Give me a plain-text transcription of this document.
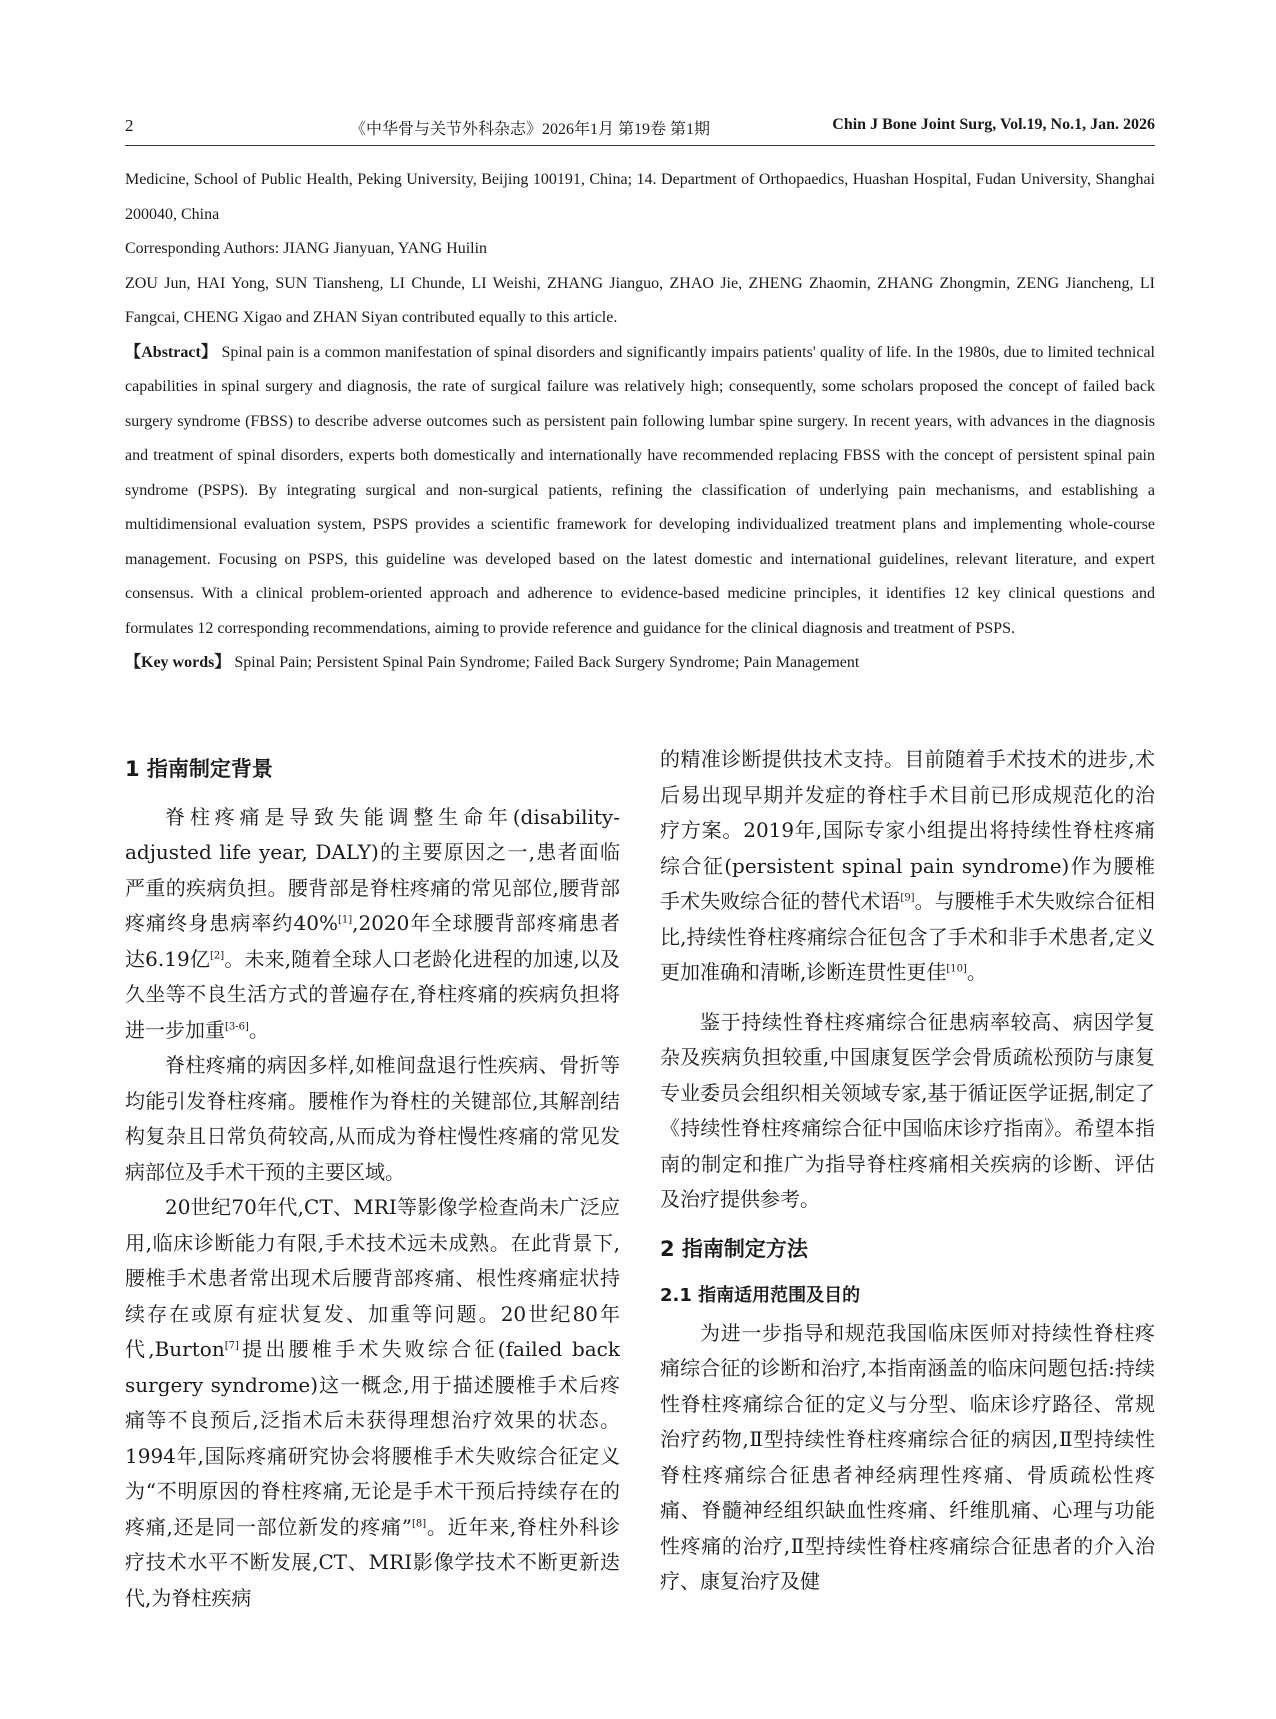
2	《中华骨与关节外科杂志》2026年1月 第19卷 第1期	Chin J Bone Joint Surg, Vol.19, No.1, Jan. 2026

Medicine, School of Public Health, Peking University, Beijing 100191, China; 14. Department of Orthopaedics, Huashan Hospital, Fudan University, Shanghai 200040, China

Corresponding Authors: JIANG Jianyuan, YANG Huilin

ZOU Jun, HAI Yong, SUN Tiansheng, LI Chunde, LI Weishi, ZHANG Jianguo, ZHAO Jie, ZHENG Zhaomin, ZHANG Zhongmin, ZENG Jiancheng, LI Fangcai, CHENG Xigao and ZHAN Siyan contributed equally to this article.

【Abstract】 Spinal pain is a common manifestation of spinal disorders and significantly impairs patients' quality of life. In the 1980s, due to limited technical capabilities in spinal surgery and diagnosis, the rate of surgical failure was relatively high; consequently, some scholars proposed the concept of failed back surgery syndrome (FBSS) to describe adverse outcomes such as persistent pain following lumbar spine surgery. In recent years, with advances in the diagnosis and treatment of spinal disorders, experts both domestically and internationally have recommended replacing FBSS with the concept of persistent spinal pain syndrome (PSPS). By integrating surgical and non-surgical patients, refining the classification of underlying pain mechanisms, and establishing a multidimensional evaluation system, PSPS provides a scientific framework for developing individualized treatment plans and implementing whole-course management. Focusing on PSPS, this guideline was developed based on the latest domestic and international guidelines, relevant literature, and expert consensus. With a clinical problem-oriented approach and adherence to evidence-based medicine principles, it identifies 12 key clinical questions and formulates 12 corresponding recommendations, aiming to provide reference and guidance for the clinical diagnosis and treatment of PSPS.

【Key words】 Spinal Pain; Persistent Spinal Pain Syndrome; Failed Back Surgery Syndrome; Pain Management

1 指南制定背景

脊柱疼痛是导致失能调整生命年(disability-adjusted life year, DALY)的主要原因之一,患者面临严重的疾病负担。腰背部是脊柱疼痛的常见部位,腰背部疼痛终身患病率约40%[1],2020年全球腰背部疼痛患者达6.19亿[2]。未来,随着全球人口老龄化进程的加速,以及久坐等不良生活方式的普遍存在,脊柱疼痛的疾病负担将进一步加重[3-6]。

脊柱疼痛的病因多样,如椎间盘退行性疾病、骨折等均能引发脊柱疼痛。腰椎作为脊柱的关键部位,其解剖结构复杂且日常负荷较高,从而成为脊柱慢性疼痛的常见发病部位及手术干预的主要区域。

20世纪70年代,CT、MRI等影像学检查尚未广泛应用,临床诊断能力有限,手术技术远未成熟。在此背景下,腰椎手术患者常出现术后腰背部疼痛、根性疼痛症状持续存在或原有症状复发、加重等问题。20世纪80年代,Burton[7]提出腰椎手术失败综合征(failed back surgery syndrome)这一概念,用于描述腰椎手术后疼痛等不良预后,泛指术后未获得理想治疗效果的状态。1994年,国际疼痛研究协会将腰椎手术失败综合征定义为“不明原因的脊柱疼痛,无论是手术干预后持续存在的疼痛,还是同一部位新发的疼痛”[8]。近年来,脊柱外科诊疗技术水平不断发展,CT、MRI影像学技术不断更新迭代,为脊柱疾病

的精准诊断提供技术支持。目前随着手术技术的进步,术后易出现早期并发症的脊柱手术目前已形成规范化的治疗方案。2019年,国际专家小组提出将持续性脊柱疼痛综合征(persistent spinal pain syndrome)作为腰椎手术失败综合征的替代术语[9]。与腰椎手术失败综合征相比,持续性脊柱疼痛综合征包含了手术和非手术患者,定义更加准确和清晰,诊断连贯性更佳[10]。

鉴于持续性脊柱疼痛综合征患病率较高、病因学复杂及疾病负担较重,中国康复医学会骨质疏松预防与康复专业委员会组织相关领域专家,基于循证医学证据,制定了《持续性脊柱疼痛综合征中国临床诊疗指南》。希望本指南的制定和推广为指导脊柱疼痛相关疾病的诊断、评估及治疗提供参考。

2 指南制定方法

2.1 指南适用范围及目的

为进一步指导和规范我国临床医师对持续性脊柱疼痛综合征的诊断和治疗,本指南涵盖的临床问题包括:持续性脊柱疼痛综合征的定义与分型、临床诊疗路径、常规治疗药物,Ⅱ型持续性脊柱疼痛综合征的病因,Ⅱ型持续性脊柱疼痛综合征患者神经病理性疼痛、骨质疏松性疼痛、脊髓神经组织缺血性疼痛、纤维肌痛、心理与功能性疼痛的治疗,Ⅱ型持续性脊柱疼痛综合征患者的介入治疗、康复治疗及健
